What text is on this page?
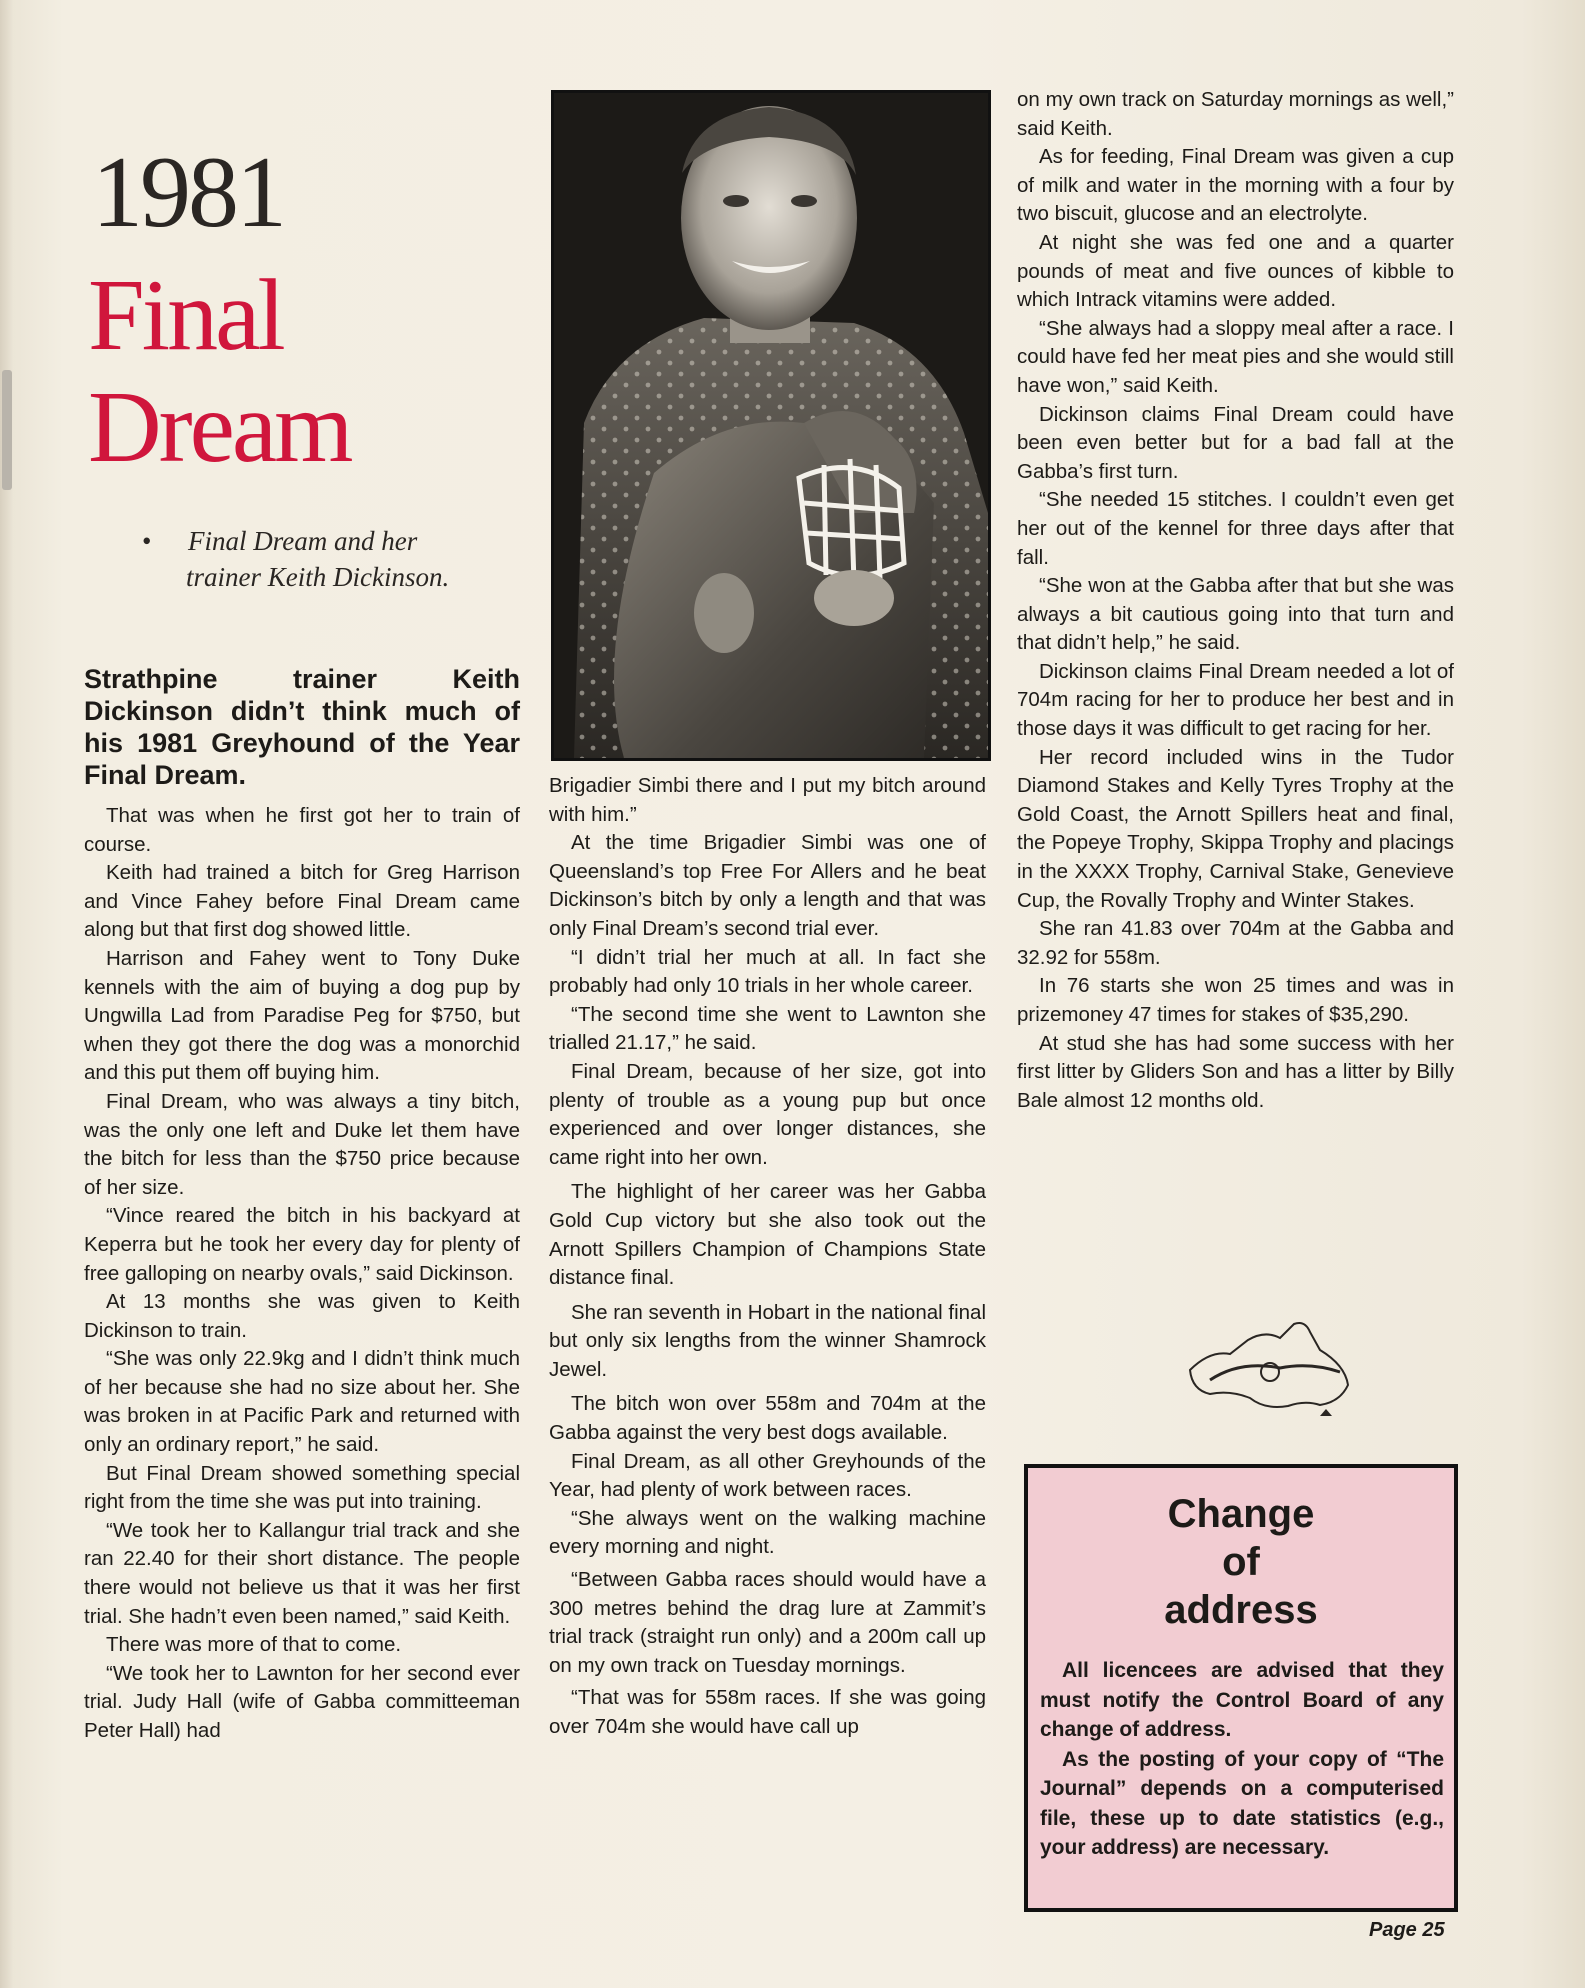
1981
Final
Dream
• Final Dream and her
trainer Keith Dickinson.
Strathpine trainer Keith Dickinson didn’t think much of his 1981 Greyhound of the Year Final Dream.

That was when he first got her to train of course.

Keith had trained a bitch for Greg Harrison and Vince Fahey before Final Dream came along but that first dog showed little.

Harrison and Fahey went to Tony Duke kennels with the aim of buying a dog pup by Ungwilla Lad from Paradise Peg for $750, but when they got there the dog was a monorchid and this put them off buying him.

Final Dream, who was always a tiny bitch, was the only one left and Duke let them have the bitch for less than the $750 price because of her size.

“Vince reared the bitch in his backyard at Keperra but he took her every day for plenty of free galloping on nearby ovals,” said Dickinson.

At 13 months she was given to Keith Dickinson to train.

“She was only 22.9kg and I didn’t think much of her because she had no size about her. She was broken in at Pacific Park and returned with only an ordinary report,” he said.

But Final Dream showed something special right from the time she was put into training.

“We took her to Kallangur trial track and she ran 22.40 for their short distance. The people there would not believe us that it was her first trial. She hadn’t even been named,” said Keith.

There was more of that to come.

“We took her to Lawnton for her second ever trial. Judy Hall (wife of Gabba committeeman Peter Hall) had

Brigadier Simbi there and I put my bitch around with him.”

At the time Brigadier Simbi was one of Queensland’s top Free For Allers and he beat Dickinson’s bitch by only a length and that was only Final Dream’s second trial ever.

“I didn’t trial her much at all. In fact she probably had only 10 trials in her whole career.

“The second time she went to Lawnton she trialled 21.17,” he said.

Final Dream, because of her size, got into plenty of trouble as a young pup but once experienced and over longer distances, she came right into her own.

The highlight of her career was her Gabba Gold Cup victory but she also took out the Arnott Spillers Champion of Champions State distance final.

She ran seventh in Hobart in the national final but only six lengths from the winner Shamrock Jewel.

The bitch won over 558m and 704m at the Gabba against the very best dogs available.

Final Dream, as all other Greyhounds of the Year, had plenty of work between races.

“She always went on the walking machine every morning and night.

“Between Gabba races should would have a 300 metres behind the drag lure at Zammit’s trial track (straight run only) and a 200m call up on my own track on Tuesday mornings.

“That was for 558m races. If she was going over 704m she would have call up

on my own track on Saturday mornings as well,” said Keith.

As for feeding, Final Dream was given a cup of milk and water in the morning with a four by two biscuit, glucose and an electrolyte.

At night she was fed one and a quarter pounds of meat and five ounces of kibble to which Intrack vitamins were added.

“She always had a sloppy meal after a race. I could have fed her meat pies and she would still have won,” said Keith.

Dickinson claims Final Dream could have been even better but for a bad fall at the Gabba’s first turn.

“She needed 15 stitches. I couldn’t even get her out of the kennel for three days after that fall.

“She won at the Gabba after that but she was always a bit cautious going into that turn and that didn’t help,” he said.

Dickinson claims Final Dream needed a lot of 704m racing for her to produce her best and in those days it was difficult to get racing for her.

Her record included wins in the Tudor Diamond Stakes and Kelly Tyres Trophy at the Gold Coast, the Arnott Spillers heat and final, the Popeye Trophy, Skippa Trophy and placings in the XXXX Trophy, Carnival Stake, Genevieve Cup, the Rovally Trophy and Winter Stakes.

She ran 41.83 over 704m at the Gabba and 32.92 for 558m.

In 76 starts she won 25 times and was in prizemoney 47 times for stakes of $35,290.

At stud she has had some success with her first litter by Gliders Son and has a litter by Billy Bale almost 12 months old.

Change
of
address

All licencees are advised that they must notify the Control Board of any change of address.

As the posting of your copy of “The Journal” depends on a computerised file, these up to date statistics (e.g., your address) are necessary.

Page 25
